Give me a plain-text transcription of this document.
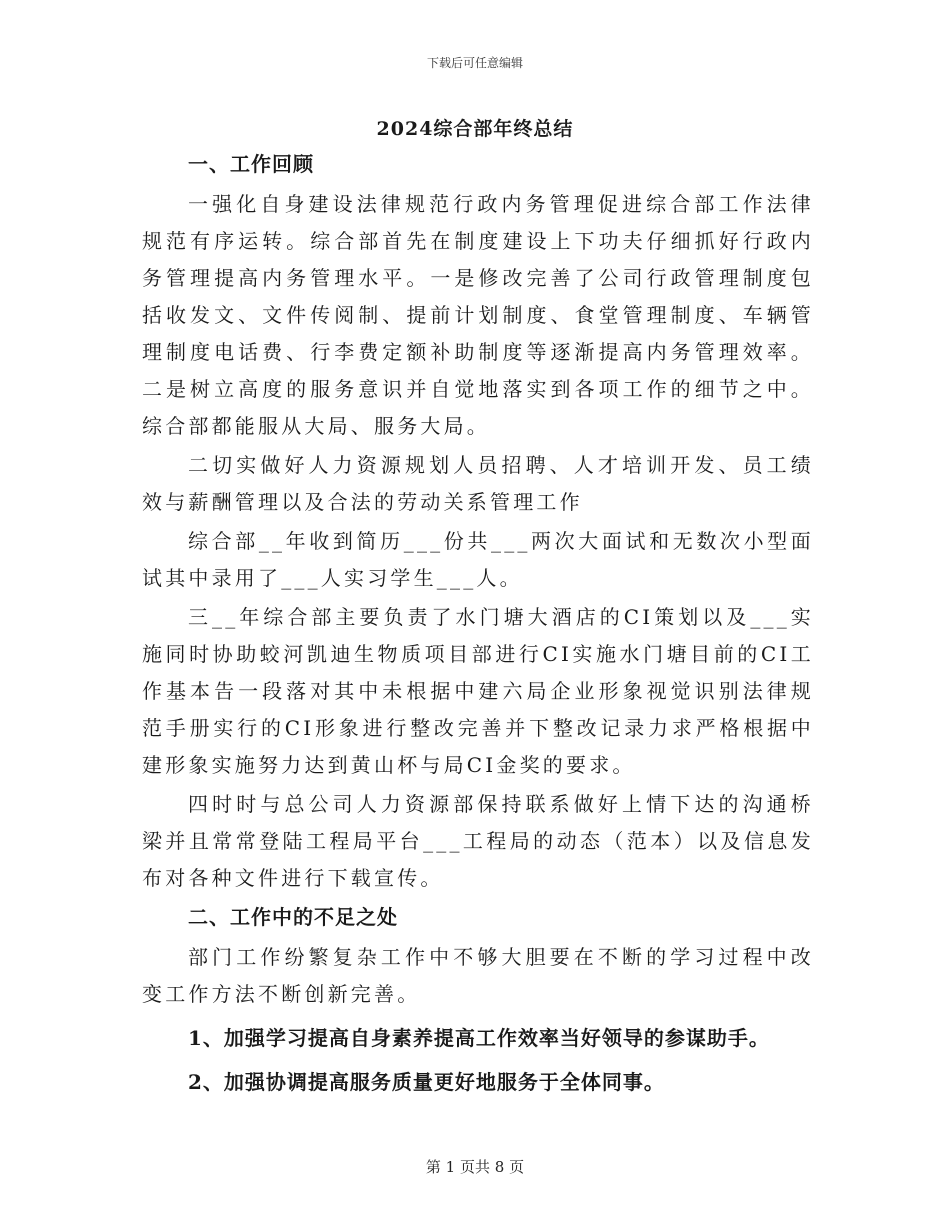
下载后可任意编辑
2024综合部年终总结
一、工作回顾

一强化自身建设法律规范行政内务管理促进综合部工作法律规范有序运转。综合部首先在制度建设上下功夫仔细抓好行政内务管理提高内务管理水平。一是修改完善了公司行政管理制度包括收发文、文件传阅制、提前计划制度、食堂管理制度、车辆管理制度电话费、行李费定额补助制度等逐渐提高内务管理效率。二是树立高度的服务意识并自觉地落实到各项工作的细节之中。综合部都能服从大局、服务大局。

二切实做好人力资源规划人员招聘、人才培训开发、员工绩效与薪酬管理以及合法的劳动关系管理工作

综合部__年收到简历___份共___两次大面试和无数次小型面试其中录用了___人实习学生___人。

三__年综合部主要负责了水门塘大酒店的CI策划以及___实施同时协助蛟河凯迪生物质项目部进行CI实施水门塘目前的CI工作基本告一段落对其中未根据中建六局企业形象视觉识别法律规范手册实行的CI形象进行整改完善并下整改记录力求严格根据中建形象实施努力达到黄山杯与局CI金奖的要求。

四时时与总公司人力资源部保持联系做好上情下达的沟通桥梁并且常常登陆工程局平台___工程局的动态（范本）以及信息发布对各种文件进行下载宣传。

二、工作中的不足之处

部门工作纷繁复杂工作中不够大胆要在不断的学习过程中改变工作方法不断创新完善。

1、加强学习提高自身素养提高工作效率当好领导的参谋助手。
2、加强协调提高服务质量更好地服务于全体同事。
第 1 页共 8 页
